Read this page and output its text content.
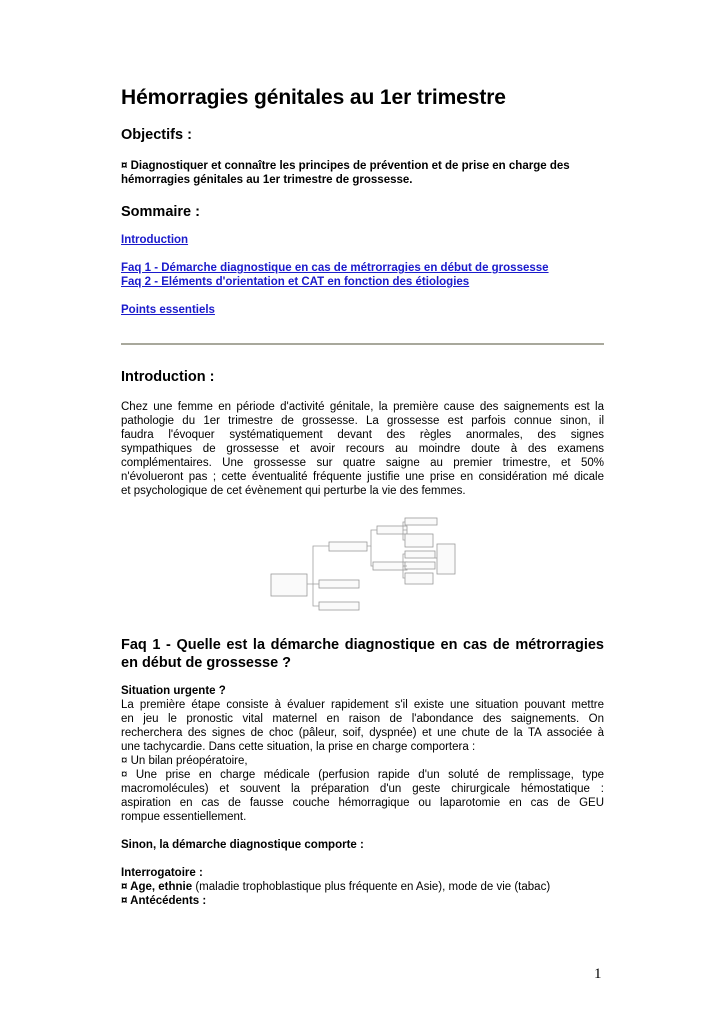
Hémorragies génitales au 1er trimestre
Objectifs :
¤ Diagnostiquer et connaître les principes de prévention et de prise en charge des
hémorragies génitales au 1er trimestre de grossesse.
Sommaire :
Introduction
Faq 1 - Démarche diagnostique en cas de métrorragies en début de grossesse
Faq 2 - Eléments d'orientation et CAT en fonction des étiologies
Points essentiels
Introduction :
Chez une femme en période d'activité génitale, la première cause des saignements est la
pathologie du 1er trimestre de grossesse. La grossesse est parfois connue sinon, il
faudra l'évoquer systématiquement devant des règles anormales, des signes
sympathiques de grossesse et avoir recours au moindre doute à des examens
complémentaires. Une grossesse sur quatre saigne au premier trimestre, et 50%
n'évolueront pas ; cette éventualité fréquente justifie une prise en considération mé dicale
et psychologique de cet évènement qui perturbe la vie des femmes.
Faq 1 - Quelle est la démarche diagnostique en cas de métrorragies
en début de grossesse ?
Situation urgente ?
La première étape consiste à évaluer rapidement s'il existe une situation pouvant mettre
en jeu le pronostic vital maternel en raison de l'abondance des saignements. On
recherchera des signes de choc (pâleur, soif, dyspnée) et une chute de la TA associée à
une tachycardie. Dans cette situation, la prise en charge comportera :
¤ Un bilan préopératoire,
¤ Une prise en charge médicale (perfusion rapide d'un soluté de remplissage, type
macromolécules) et souvent la préparation d'un geste chirurgicale hémostatique :
aspiration en cas de fausse couche hémorragique ou laparotomie en cas de GEU
rompue essentiellement.
Sinon, la démarche diagnostique comporte :
Interrogatoire :
¤ Age, ethnie (maladie trophoblastique plus fréquente en Asie), mode de vie (tabac)
¤ Antécédents :
1
